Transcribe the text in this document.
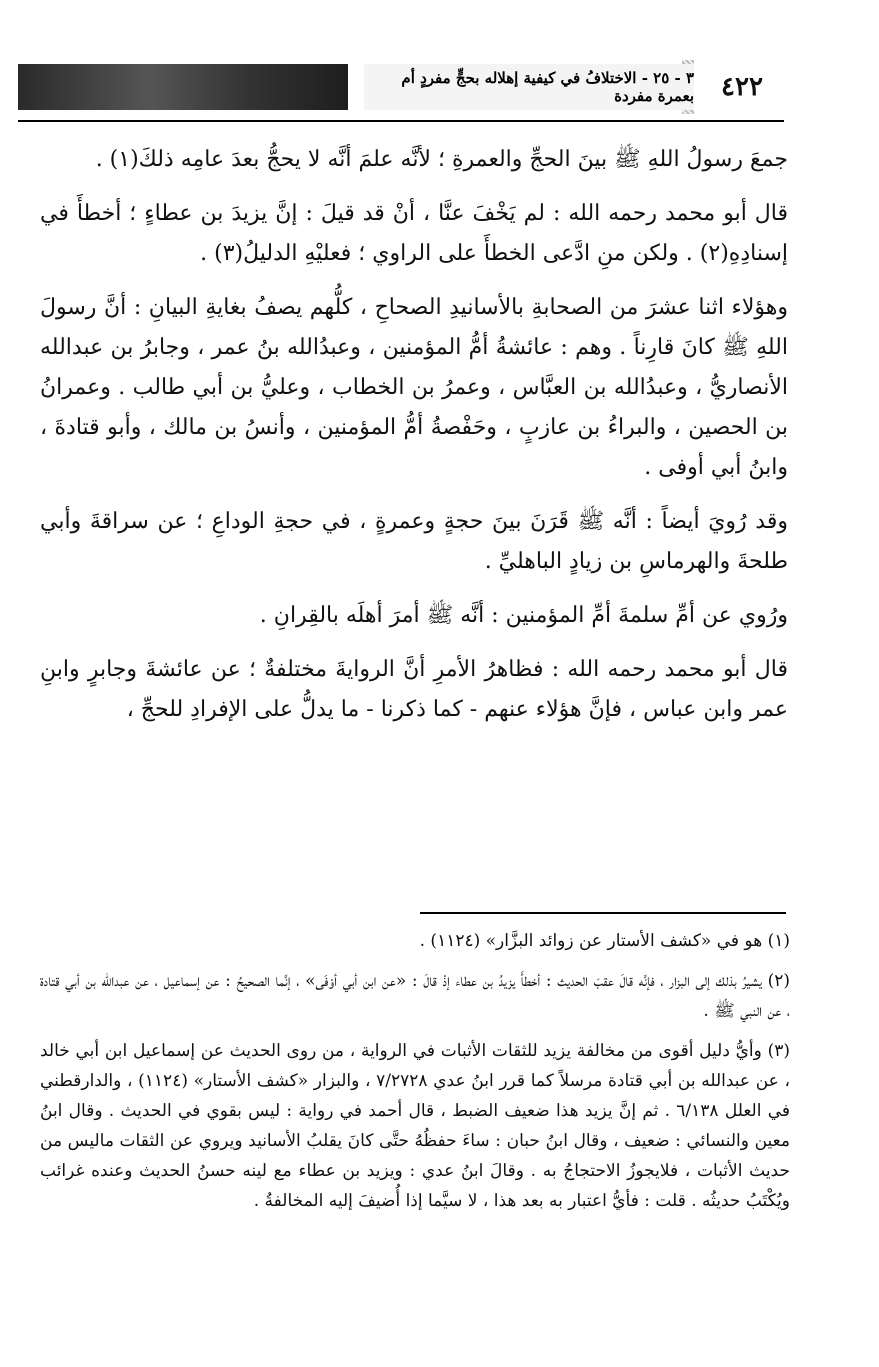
٤٢٢
٣ - ٢٥ - الاختلافُ في كيفية إهلاله بحجٍّ مفردٍ أم بعمرة مفردة

جمعَ رسولُ اللهِ ﷺ بينَ الحجِّ والعمرةِ ؛ لأنَّه علمَ أنَّه لا يحجُّ بعدَ عامِه ذلكَ(١) .

قال أبو محمد رحمه الله : لم يَخْفَ عنَّا ، أنْ قد قيلَ : إنَّ يزيدَ بن عطاءٍ ؛ أخطأَ في إسنادِهِ(٢) . ولكن منِ ادَّعى الخطأَ على الراوي ؛ فعليْهِ الدليلُ(٣) .

وهؤلاء اثنا عشرَ من الصحابةِ بالأسانيدِ الصحاحِ ، كلُّهم يصفُ بغايةِ البيانِ : أنَّ رسولَ اللهِ ﷺ كانَ قارِناً . وهم : عائشةُ أمُّ المؤمنين ، وعبدُالله بنُ عمر ، وجابرُ بن عبدالله الأنصاريُّ ، وعبدُالله بن العبَّاس ، وعمرُ بن الخطاب ، وعليُّ بن أبي طالب . وعمرانُ بن الحصين ، والبراءُ بن عازبٍ ، وحَفْصةُ أمُّ المؤمنين ، وأنسُ بن مالك ، وأبو قتادةَ ، وابنُ أبي أوفى .

وقد رُويَ أيضاً : أنَّه ﷺ قَرَنَ بينَ حجةٍ وعمرةٍ ، في حجةِ الوداعِ ؛ عن سراقةَ وأبي طلحةَ والهرماسِ بن زيادٍ الباهليِّ .

ورُوي عن أمِّ سلمةَ أمِّ المؤمنين : أنَّه ﷺ أمرَ أهلَه بالقِرانِ .

قال أبو محمد رحمه الله : فظاهرُ الأمرِ أنَّ الروايةَ مختلفةٌ ؛ عن عائشةَ وجابرٍ وابنِ عمر وابن عباس ، فإنَّ هؤلاء عنهم - كما ذكرنا - ما يدلُّ على الإفرادِ للحجِّ ،

(١) هو في «كشف الأستار عن زوائد البزَّار» (١١٢٤) .

(٢) يشيرُ بذلك إلى البزار ، فإنَّه قالَ عقبَ الحديث : أخطأَ يزيدُ بن عطاء إذْ قالَ : «عن ابن أبي أوْفَى» ، إنَّما الصحيحُ : عن إسماعيل ، عن عبدالله بن أبي قتادة ، عن النبي ﷺ .

(٣) وأيُّ دليل أقوى من مخالفة يزيد للثقات الأثبات في الرواية ، من روى الحديث عن إسماعيل ابن أبي خالد ، عن عبدالله بن أبي قتادة مرسلاً كما قرر ابنُ عدي ٧/٢٧٢٨ ، والبزار «كشف الأستار» (١١٢٤) ، والدارقطني في العلل ٦/١٣٨ . ثم إنَّ يزيد هذا ضعيف الضبط ، قال أحمد في رواية : ليس بقوي في الحديث . وقال ابنُ معين والنسائي : ضعيف ، وقال ابنُ حبان : ساءَ حفظُهُ حتَّى كانَ يقلبُ الأسانيد ويروي عن الثقات ماليس من حديث الأثبات ، فلايجوزُ الاحتجاجُ به . وقالَ ابنُ عدي : ويزيد بن عطاء مع لينه حسنُ الحديث وعنده غرائب ويُكْتَبُ حديثُه . قلت : فأيُّ اعتبار به بعد هذا ، لا سيَّما إذا أُضيفَ إليه المخالفةُ .
